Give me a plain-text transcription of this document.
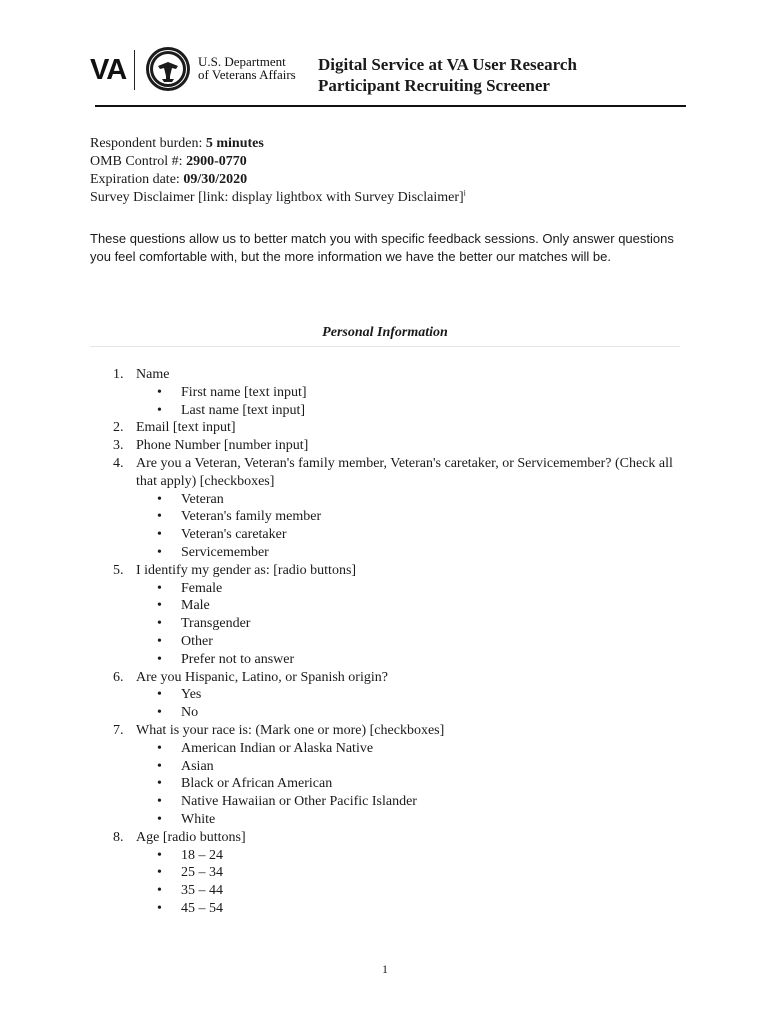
VA	U.S. Department
of Veterans Affairs
Digital Service at VA User Research
Participant Recruiting Screener
Respondent burden: 5 minutes
OMB Control #: 2900-0770
Expiration date: 09/30/2020
Survey Disclaimer [link: display lightbox with Survey Disclaimer]$^i$
These questions allow us to better match you with specific feedback sessions. Only answer questions you feel comfortable with, but the more information we have the better our matches will be.
Personal Information
1. Name
• First name [text input]
• Last name [text input]
2. Email [text input]
3. Phone Number [number input]
4. Are you a Veteran, Veteran's family member, Veteran's caretaker, or Servicemember? (Check all that apply) [checkboxes]
• Veteran
• Veteran's family member
• Veteran's caretaker
• Servicemember
5. I identify my gender as: [radio buttons]
• Female
• Male
• Transgender
• Other
• Prefer not to answer
6. Are you Hispanic, Latino, or Spanish origin?
• Yes
• No
7. What is your race is: (Mark one or more) [checkboxes]
• American Indian or Alaska Native
• Asian
• Black or African American
• Native Hawaiian or Other Pacific Islander
• White
8. Age [radio buttons]
• 18 – 24
• 25 – 34
• 35 – 44
• 45 – 54
1
